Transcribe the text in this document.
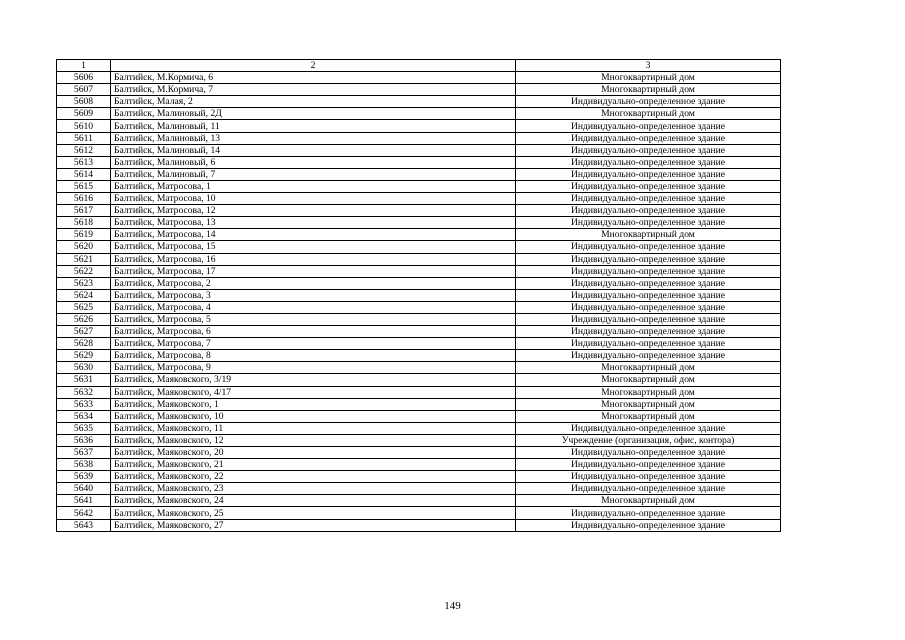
1	2	3
5606	Балтийск, М.Кормича, 6	Многоквартирный дом
5607	Балтийск, М.Кормича, 7	Многоквартирный дом
5608	Балтийск, Малая, 2	Индивидуально-определенное здание
5609	Балтийск, Малиновый, 2Д	Многоквартирный дом
5610	Балтийск, Малиновый, 11	Индивидуально-определенное здание
5611	Балтийск, Малиновый, 13	Индивидуально-определенное здание
5612	Балтийск, Малиновый, 14	Индивидуально-определенное здание
5613	Балтийск, Малиновый, 6	Индивидуально-определенное здание
5614	Балтийск, Малиновый, 7	Индивидуально-определенное здание
5615	Балтийск, Матросова, 1	Индивидуально-определенное здание
5616	Балтийск, Матросова, 10	Индивидуально-определенное здание
5617	Балтийск, Матросова, 12	Индивидуально-определенное здание
5618	Балтийск, Матросова, 13	Индивидуально-определенное здание
5619	Балтийск, Матросова, 14	Многоквартирный дом
5620	Балтийск, Матросова, 15	Индивидуально-определенное здание
5621	Балтийск, Матросова, 16	Индивидуально-определенное здание
5622	Балтийск, Матросова, 17	Индивидуально-определенное здание
5623	Балтийск, Матросова, 2	Индивидуально-определенное здание
5624	Балтийск, Матросова, 3	Индивидуально-определенное здание
5625	Балтийск, Матросова, 4	Индивидуально-определенное здание
5626	Балтийск, Матросова, 5	Индивидуально-определенное здание
5627	Балтийск, Матросова, 6	Индивидуально-определенное здание
5628	Балтийск, Матросова, 7	Индивидуально-определенное здание
5629	Балтийск, Матросова, 8	Индивидуально-определенное здание
5630	Балтийск, Матросова, 9	Многоквартирный дом
5631	Балтийск, Маяковского, 3/19	Многоквартирный дом
5632	Балтийск, Маяковского, 4/17	Многоквартирный дом
5633	Балтийск, Маяковского, 1	Многоквартирный дом
5634	Балтийск, Маяковского, 10	Многоквартирный дом
5635	Балтийск, Маяковского, 11	Индивидуально-определенное здание
5636	Балтийск, Маяковского, 12	Учреждение (организация, офис, контора)
5637	Балтийск, Маяковского, 20	Индивидуально-определенное здание
5638	Балтийск, Маяковского, 21	Индивидуально-определенное здание
5639	Балтийск, Маяковского, 22	Индивидуально-определенное здание
5640	Балтийск, Маяковского, 23	Индивидуально-определенное здание
5641	Балтийск, Маяковского, 24	Многоквартирный дом
5642	Балтийск, Маяковского, 25	Индивидуально-определенное здание
5643	Балтийск, Маяковского, 27	Индивидуально-определенное здание
149
